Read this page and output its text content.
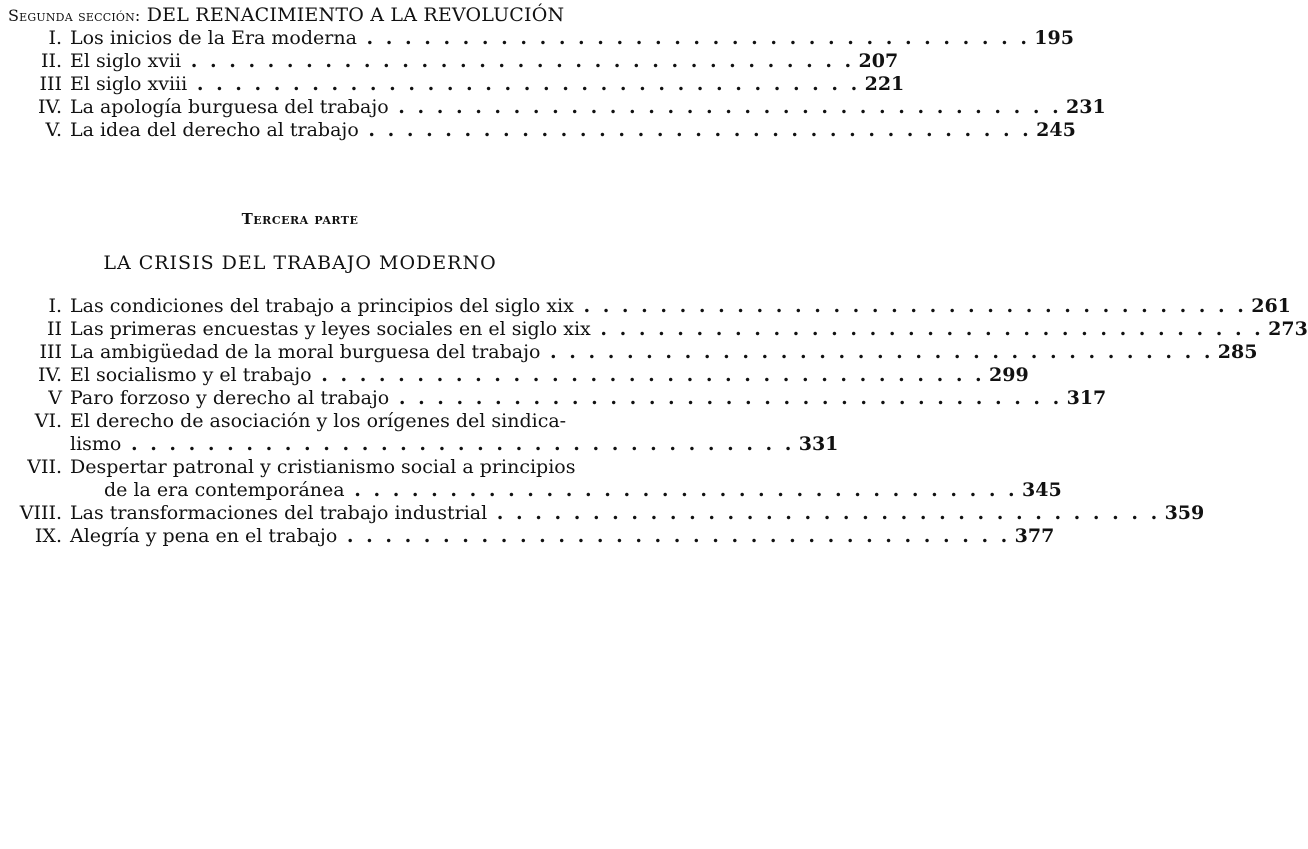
Segunda sección: DEL RENACIMIENTO A LA REVOLUCIÓN
I. Los inicios de la Era moderna . .	195
II. El siglo xvii . .	207
III El siglo xviii . .	221
IV. La apología burguesa del trabajo . .	231
V. La idea del derecho al trabajo . .	245
Tercera parte
LA CRISIS DEL TRABAJO MODERNO
I. Las condiciones del trabajo a principios del siglo xix . .	261
II Las primeras encuestas y leyes sociales en el siglo xix . .	273
III La ambigüedad de la moral burguesa del trabajo . .	285
IV. El socialismo y el trabajo . .	299
V Paro forzoso y derecho al trabajo . .	317
VI. El derecho de asociación y los orígenes del sindica-
lismo . .	331
VII. Despertar patronal y cristianismo social a principios
de la era contemporánea . .	345
VIII. Las transformaciones del trabajo industrial . .	359
IX. Alegría y pena en el trabajo . .	377
